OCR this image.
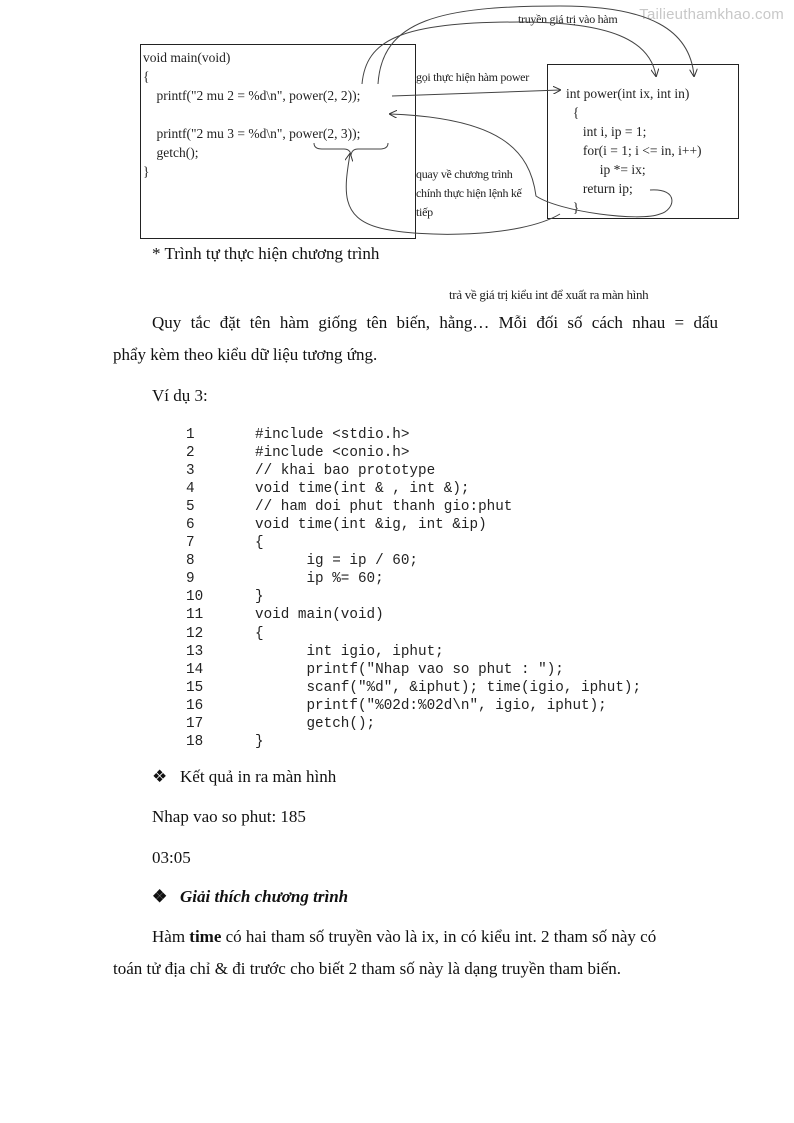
Tailieuthamkhao.com
void main(void)
{
printf("2 mu 2 = %d\n", power(2, 2));

printf("2 mu 3 = %d\n", power(2, 3));
getch();
}
int power(int ix, int in)
{
int i, ip = 1;
for(i = 1; i <= in, i++)
ip *= ix;
return ip;
}
truyền giá trị vào hàm
gọi thực hiện hàm power
quay về chương trình
chính thực hiện lệnh kế
tiếp
* Trình tự thực hiện chương trình
trả về giá trị kiểu int để xuất ra màn hình
Quy tắc đặt tên hàm giống tên biến, hằng… Mỗi đối số cách nhau = dấu
phẩy kèm theo kiểu dữ liệu tương ứng.
Ví dụ 3:
1	#include <stdio.h>
2	#include <conio.h>
3	// khai bao prototype
4	void time(int & , int &);
5	// ham doi phut thanh gio:phut
6	void time(int &ig, int &ip)
7	{
8	ig = ip / 60;
9	ip %= 60;
10	}
11	void main(void)
12	{
13	int igio, iphut;
14	printf("Nhap vao so phut : ");
15	scanf("%d", &iphut); time(igio, iphut);
16	printf("%02d:%02d\n", igio, iphut);
17	getch();
18	}
❖ Kết quả in ra màn hình
Nhap vao so phut: 185
03:05
❖ Giải thích chương trình
Hàm time có hai tham số truyền vào là ix, in có kiểu int. 2 tham số này có
toán tử địa chỉ & đi trước cho biết 2 tham số này là dạng truyền tham biến.
